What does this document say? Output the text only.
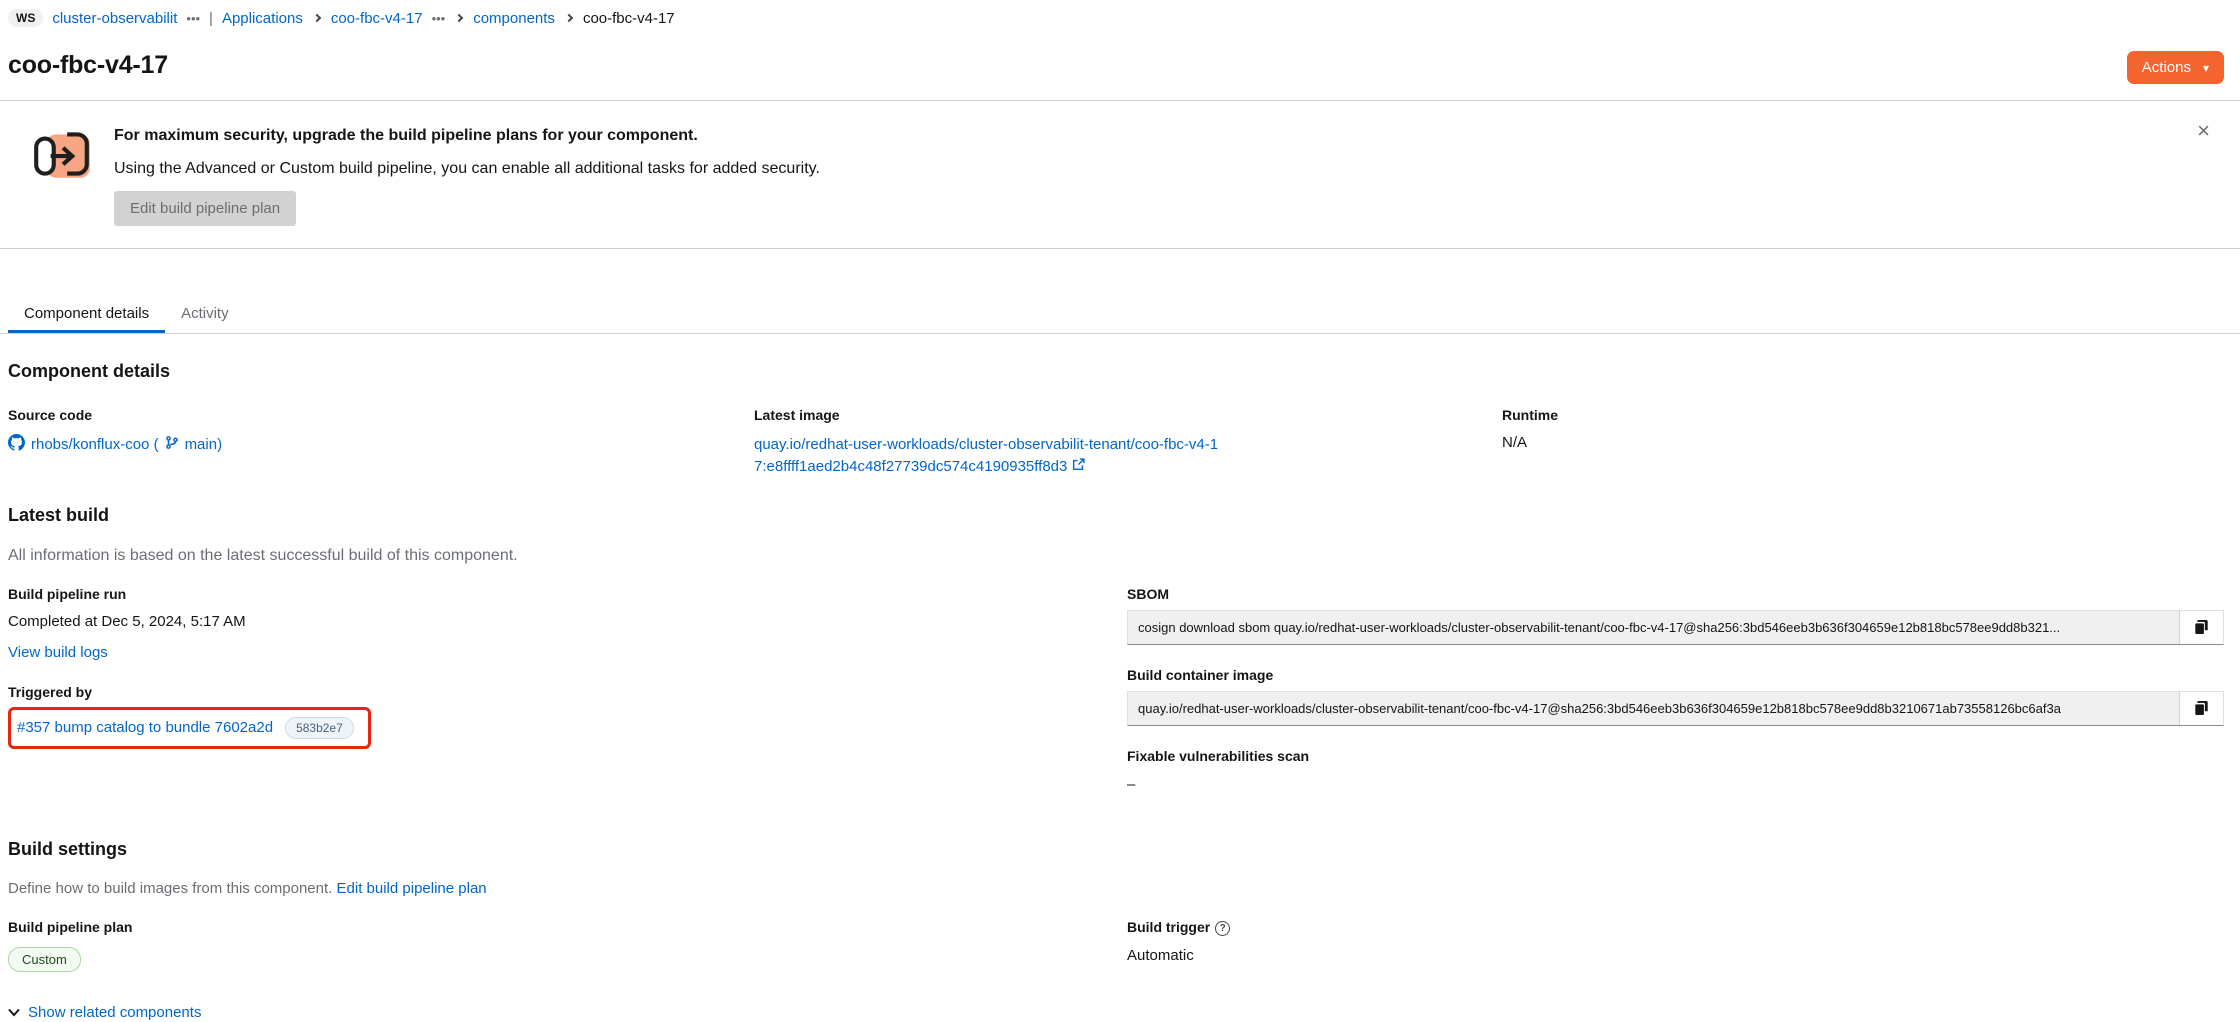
WS	cluster-observabilit ••• | Applications coo-fbc-v4-17 ••• components coo-fbc-v4-17
coo-fbc-v4-17	Actions ▾
For maximum security, upgrade the build pipeline plans for your component.
Using the Advanced or Custom build pipeline, you can enable all additional tasks for added security.
Edit build pipeline plan
×
Component details	Activity
Component details
Source code
rhobs/konflux-coo ( main)
Latest image
quay.io/redhat-user-workloads/cluster-observabilit-tenant/coo-fbc-v4-17:e8ffff1aed2b4c48f27739dc574c4190935ff8d3
Runtime
N/A
Latest build
All information is based on the latest successful build of this component.
Build pipeline run
Completed at Dec 5, 2024, 5:17 AM
View build logs
Triggered by
#357 bump catalog to bundle 7602a2d	583b2e7
SBOM
cosign download sbom quay.io/redhat-user-workloads/cluster-observabilit-tenant/coo-fbc-v4-17@sha256:3bd546eeb3b636f304659e12b818bc578ee9dd8b321...
Build container image
quay.io/redhat-user-workloads/cluster-observabilit-tenant/coo-fbc-v4-17@sha256:3bd546eeb3b636f304659e12b818bc578ee9dd8b3210671ab73558126bc6af3a
Fixable vulnerabilities scan
–
Build settings
Define how to build images from this component. Edit build pipeline plan
Build pipeline plan
Custom
Build trigger ?
Automatic
Show related components
